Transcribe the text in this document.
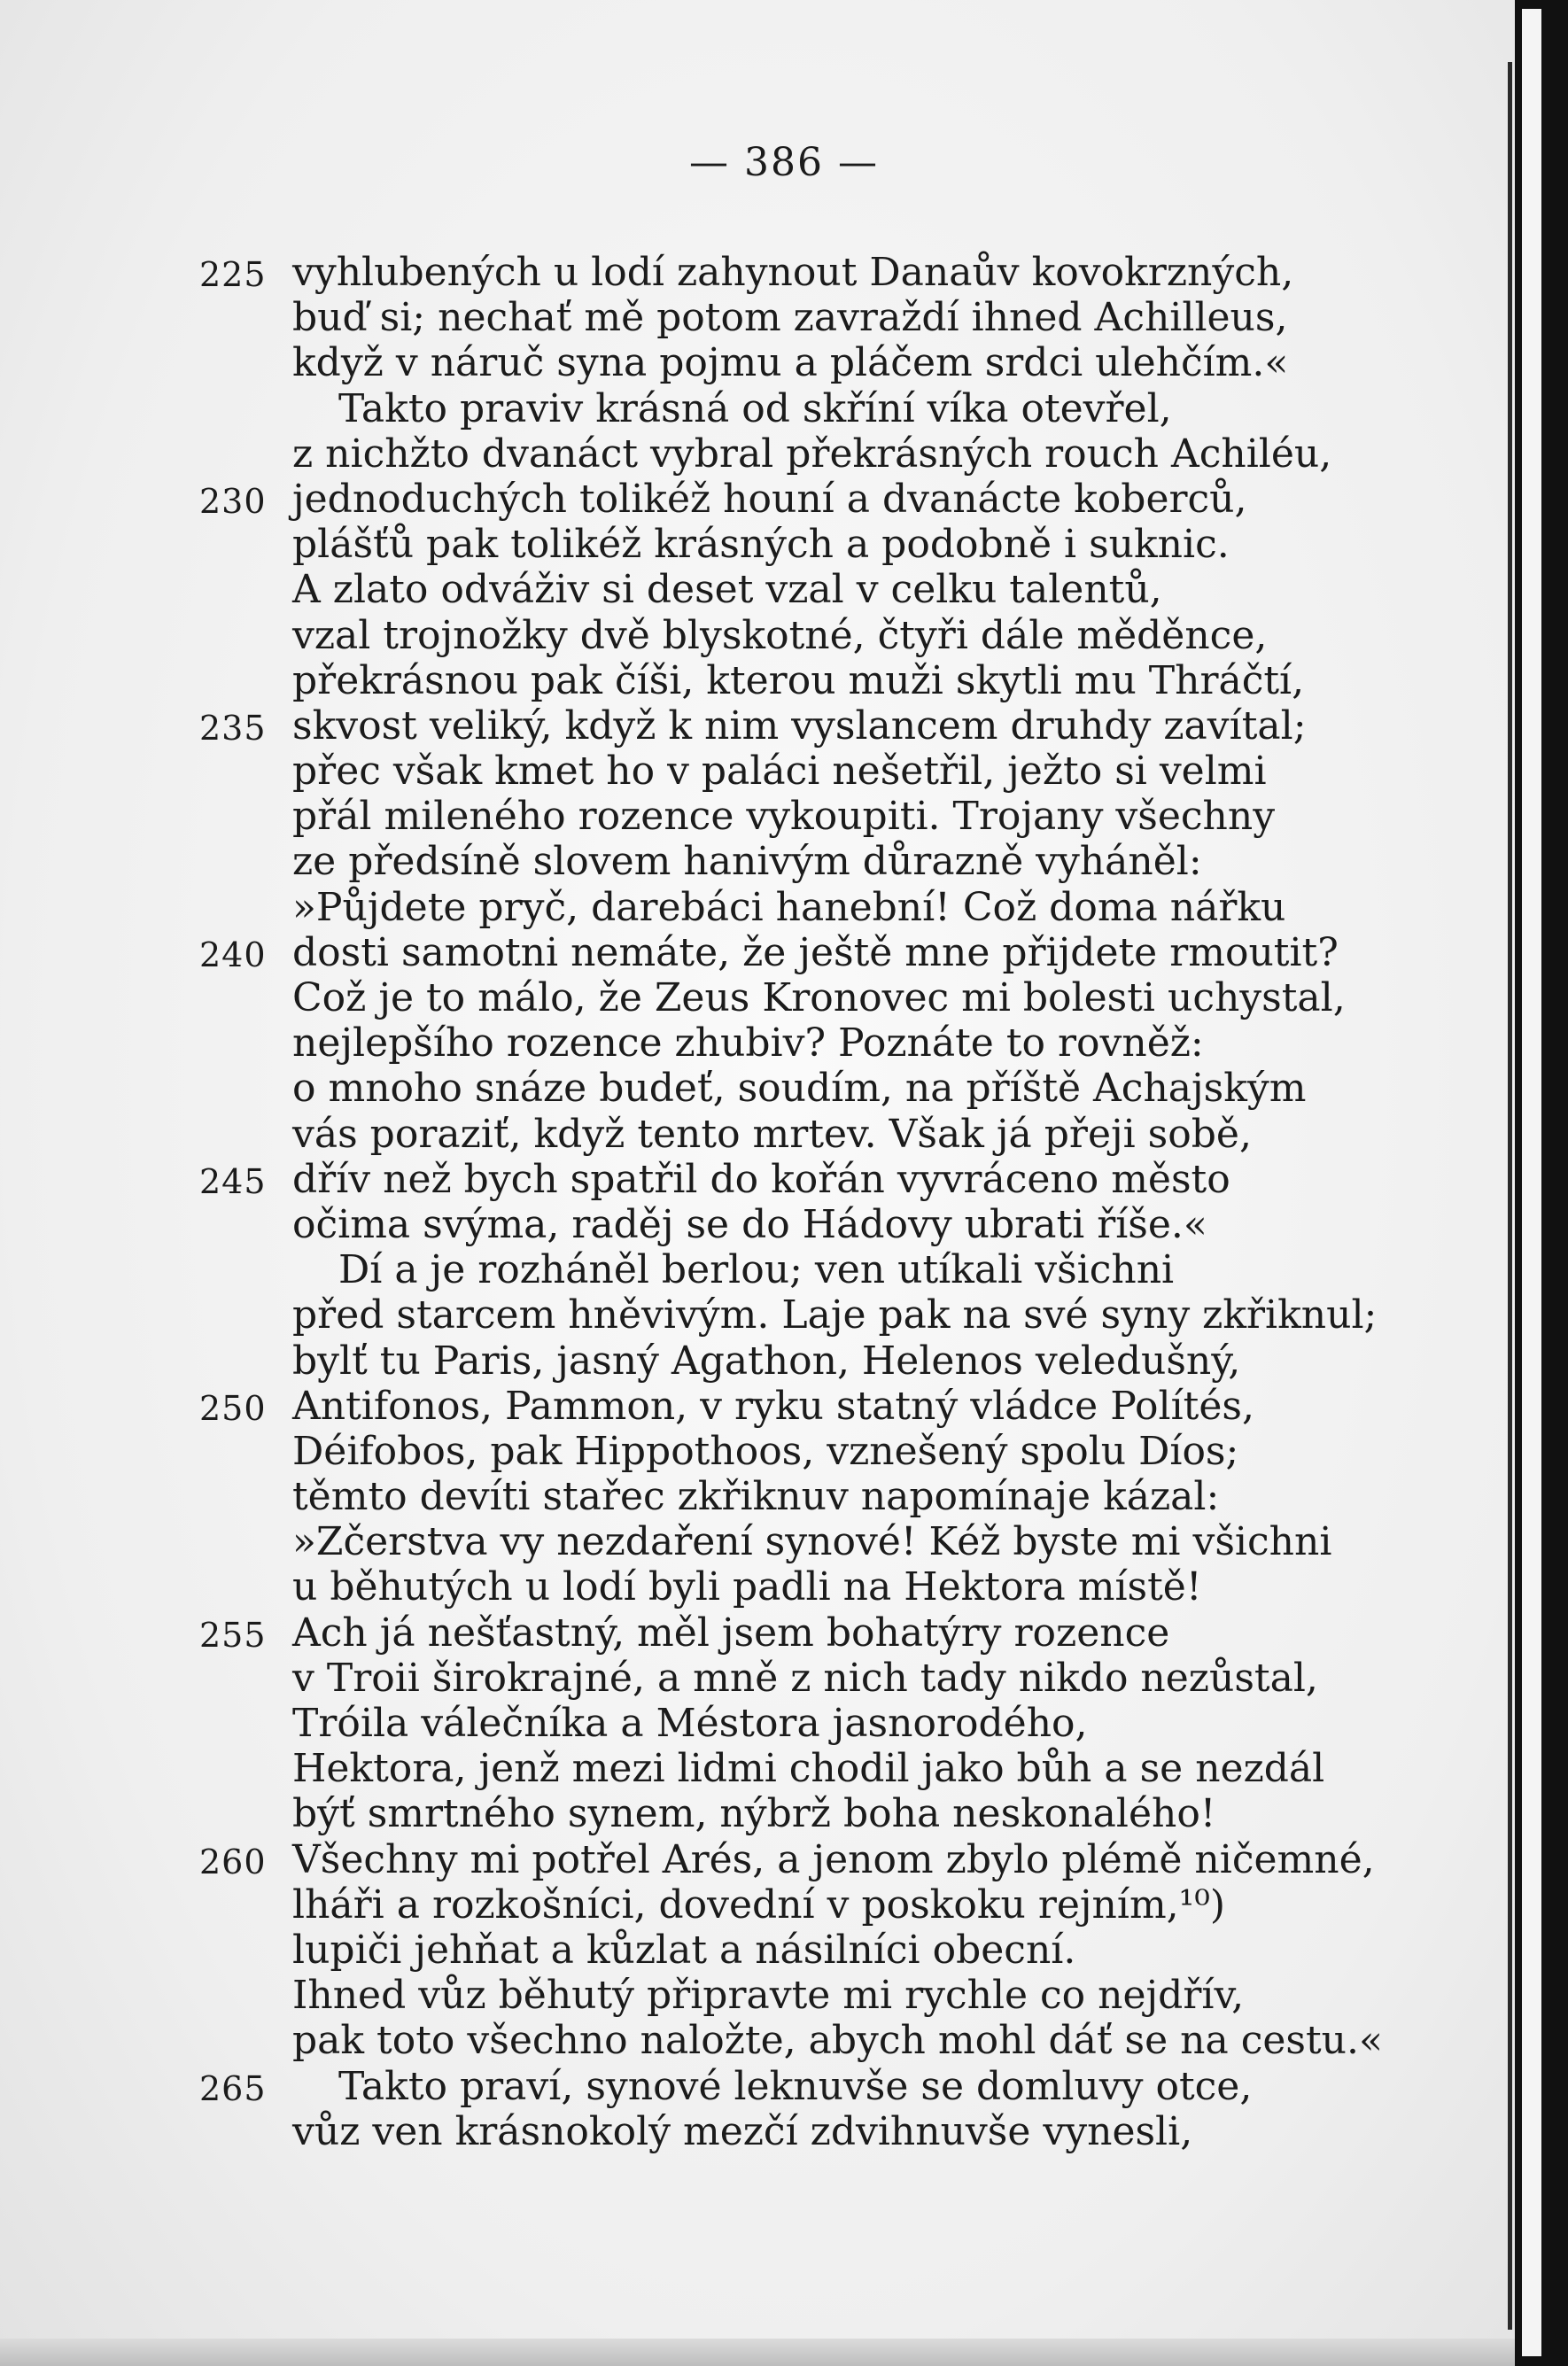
— 386 —
225 vyhlubených u lodí zahynout Danaův kovokrzných,
buď si; nechať mě potom zavraždí ihned Achilleus,
když v náruč syna pojmu a pláčem srdci ulehčím.«
Takto praviv krásná od skříní víka otevřel,
z nichžto dvanáct vybral překrásných rouch Achiléu,
230 jednoduchých tolikéž houní a dvanácte koberců,
plášťů pak tolikéž krásných a podobně i suknic.
A zlato odváživ si deset vzal v celku talentů,
vzal trojnožky dvě blyskotné, čtyři dále měděnce,
překrásnou pak číši, kterou muži skytli mu Thráčtí,
235 skvost veliký, když k nim vyslancem druhdy zavítal;
přec však kmet ho v paláci nešetřil, ježto si velmi
přál mileného rozence vykoupiti. Trojany všechny
ze předsíně slovem hanivým důrazně vyháněl:
»Půjdete pryč, darebáci hanební! Což doma nářku
240 dosti samotni nemáte, že ještě mne přijdete rmoutit?
Což je to málo, že Zeus Kronovec mi bolesti uchystal,
nejlepšího rozence zhubiv? Poznáte to rovněž:
o mnoho snáze budeť, soudím, na příště Achajským
vás poraziť, když tento mrtev. Však já přeji sobě,
245 dřív než bych spatřil do kořán vyvráceno město
očima svýma, raděj se do Hádovy ubrati říše.«
Dí a je rozháněl berlou; ven utíkali všichni
před starcem hněvivým. Laje pak na své syny zkřiknul;
bylť tu Paris, jasný Agathon, Helenos veledušný,
250 Antifonos, Pammon, v ryku statný vládce Polítés,
Déifobos, pak Hippothoos, vznešený spolu Díos;
těmto devíti stařec zkřiknuv napomínaje kázal:
»Zčerstva vy nezdaření synové! Kéž byste mi všichni
u běhutých u lodí byli padli na Hektora místě!
255 Ach já nešťastný, měl jsem bohatýry rozence
v Troii širokrajné, a mně z nich tady nikdo nezůstal,
Tróila válečníka a Méstora jasnorodého,
Hektora, jenž mezi lidmi chodil jako bůh a se nezdál
býť smrtného synem, nýbrž boha neskonalého!
260 Všechny mi potřel Arés, a jenom zbylo plémě ničemné,
lháři a rozkošníci, dovední v poskoku rejním,¹⁰)
lupiči jehňat a kůzlat a násilníci obecní.
Ihned vůz běhutý připravte mi rychle co nejdřív,
pak toto všechno naložte, abych mohl dáť se na cestu.«
265 Takto praví, synové leknuvše se domluvy otce,
vůz ven krásnokolý mezčí zdvihnuvše vynesli,
